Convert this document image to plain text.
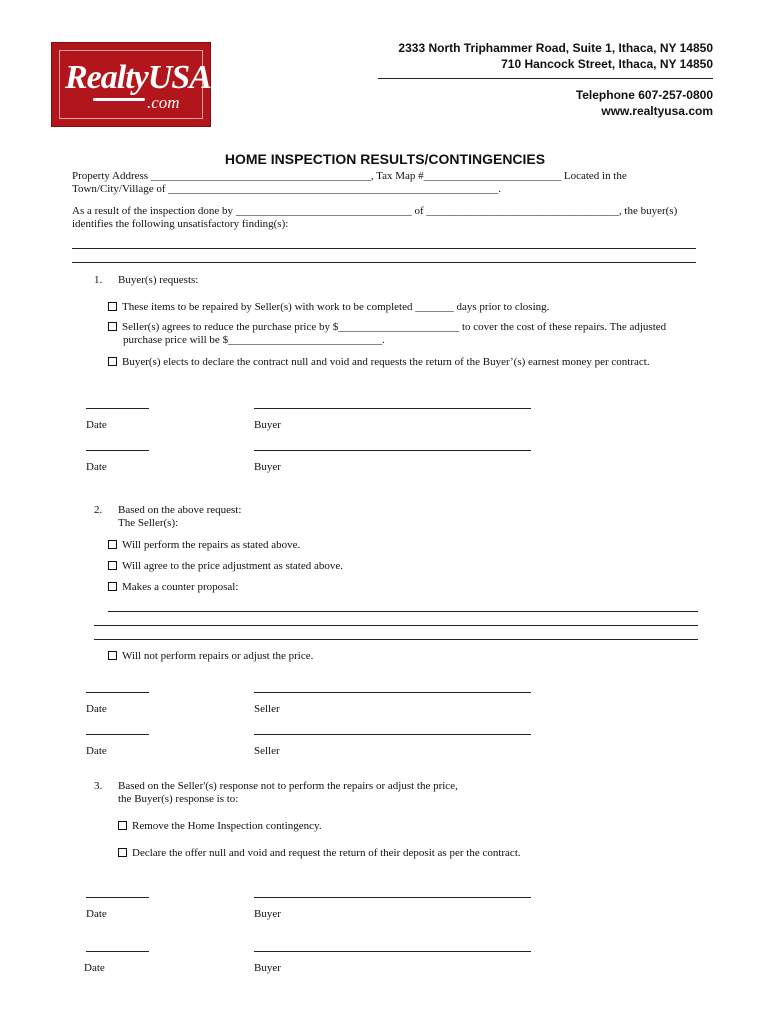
RealtyUSA
.com
2333 North Triphammer Road, Suite 1, Ithaca, NY 14850
710 Hancock Street, Ithaca, NY 14850
Telephone 607-257-0800
www.realtyusa.com
HOME INSPECTION RESULTS/CONTINGENCIES
Property Address ________________________________________, Tax Map #_________________________ Located in the
Town/City/Village of ____________________________________________________________.
As a result of the inspection done by ________________________________ of ___________________________________, the buyer(s)
identifies the following unsatisfactory finding(s):
1. Buyer(s) requests:
These items to be repaired by Seller(s) with work to be completed _______ days prior to closing.
Seller(s) agrees to reduce the purchase price by $______________________ to cover the cost of these repairs. The adjusted
purchase price will be $____________________________.
Buyer(s) elects to declare the contract null and void and requests the return of the Buyer’(s) earnest money per contract.
Date	Buyer
Date	Buyer
2. Based on the above request:
The Seller(s):
Will perform the repairs as stated above.
Will agree to the price adjustment as stated above.
Makes a counter proposal:
Will not perform repairs or adjust the price.
Date	Seller
Date	Seller
3. Based on the Seller'(s) response not to perform the repairs or adjust the price,
the Buyer(s) response is to:
Remove the Home Inspection contingency.
Declare the offer null and void and request the return of their deposit as per the contract.
Date	Buyer
Date	Buyer
